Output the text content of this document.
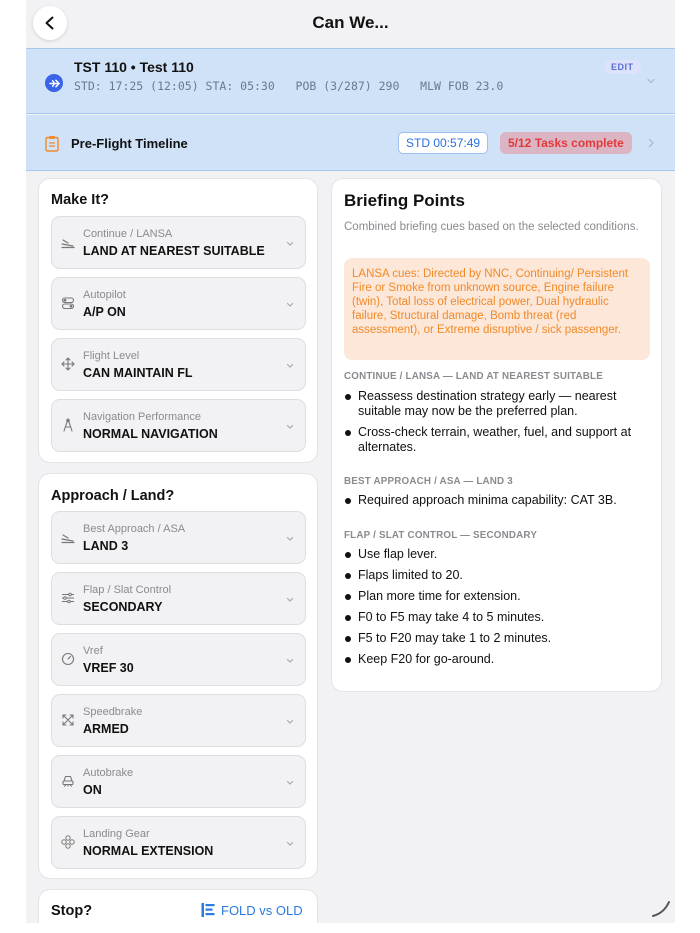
Can We...
TST 110 • Test 110
STD: 17:25 (12:05) STA: 05:30   POB (3/287) 290   MLW FOB 23.0
EDIT
Pre-Flight Timeline	STD 00:57:49	5/12 Tasks complete
Make It?
Continue / LANSA
LAND AT NEAREST SUITABLE
Autopilot
A/P ON
Flight Level
CAN MAINTAIN FL
Navigation Performance
NORMAL NAVIGATION
Approach / Land?
Best Approach / ASA
LAND 3
Flap / Slat Control
SECONDARY
Vref
VREF 30
Speedbrake
ARMED
Autobrake
ON
Landing Gear
NORMAL EXTENSION
Stop?	FOLD vs OLD
Briefing Points
Combined briefing cues based on the selected conditions.
LANSA cues: Directed by NNC, Continuing/ Persistent Fire or Smoke from unknown source, Engine failure (twin), Total loss of electrical power, Dual hydraulic failure, Structural damage, Bomb threat (red assessment), or Extreme disruptive / sick passenger.
CONTINUE / LANSA — LAND AT NEAREST SUITABLE
Reassess destination strategy early — nearest suitable may now be the preferred plan.
Cross-check terrain, weather, fuel, and support at alternates.
BEST APPROACH / ASA — LAND 3
Required approach minima capability: CAT 3B.
FLAP / SLAT CONTROL — SECONDARY
Use flap lever.
Flaps limited to 20.
Plan more time for extension.
F0 to F5 may take 4 to 5 minutes.
F5 to F20 may take 1 to 2 minutes.
Keep F20 for go-around.
